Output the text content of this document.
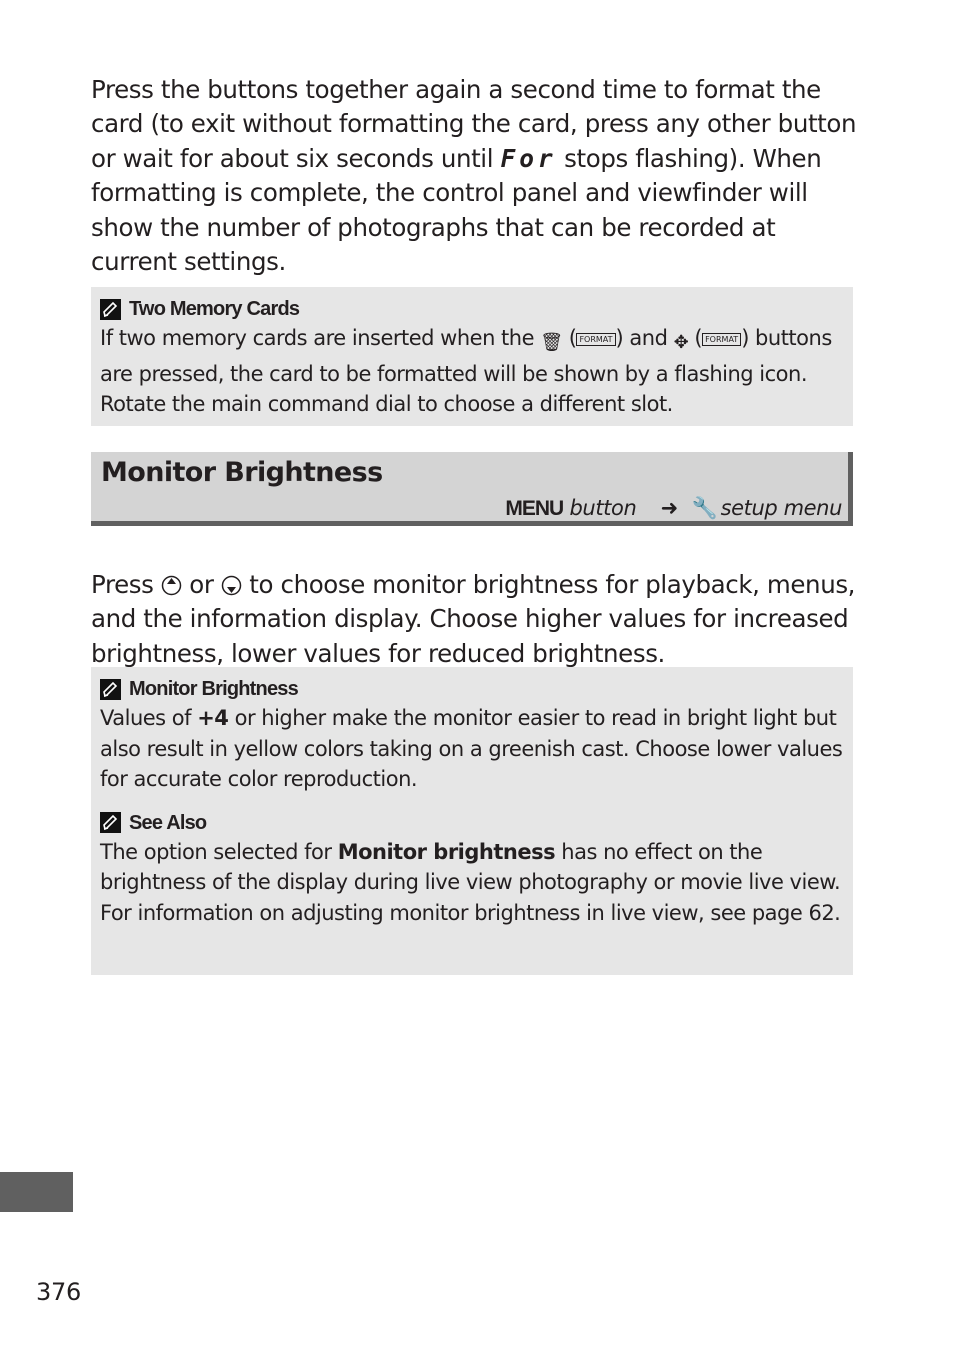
Press the buttons together again a second time to format the card (to exit without formatting the card, press any other button or wait for about six seconds until For stops flashing). When formatting is complete, the control panel and viewfinder will show the number of photographs that can be recorded at current settings.

Two Memory Cards
If two memory cards are inserted when the 🗑 ( FORMAT ) and ✥ ( FORMAT ) buttons are pressed, the card to be formatted will be shown by a flashing icon. Rotate the main command dial to choose a different slot.
Monitor Brightness
MENU button ➜ 🔧 setup menu

Press  or  to choose monitor brightness for playback, menus, and the information display. Choose higher values for increased brightness, lower values for reduced brightness.

Monitor Brightness
Values of +4 or higher make the monitor easier to read in bright light but also result in yellow colors taking on a greenish cast. Choose lower values for accurate color reproduction.
See Also
The option selected for Monitor brightness has no effect on the brightness of the display during live view photography or movie live view. For information on adjusting monitor brightness in live view, see page 62.
376
